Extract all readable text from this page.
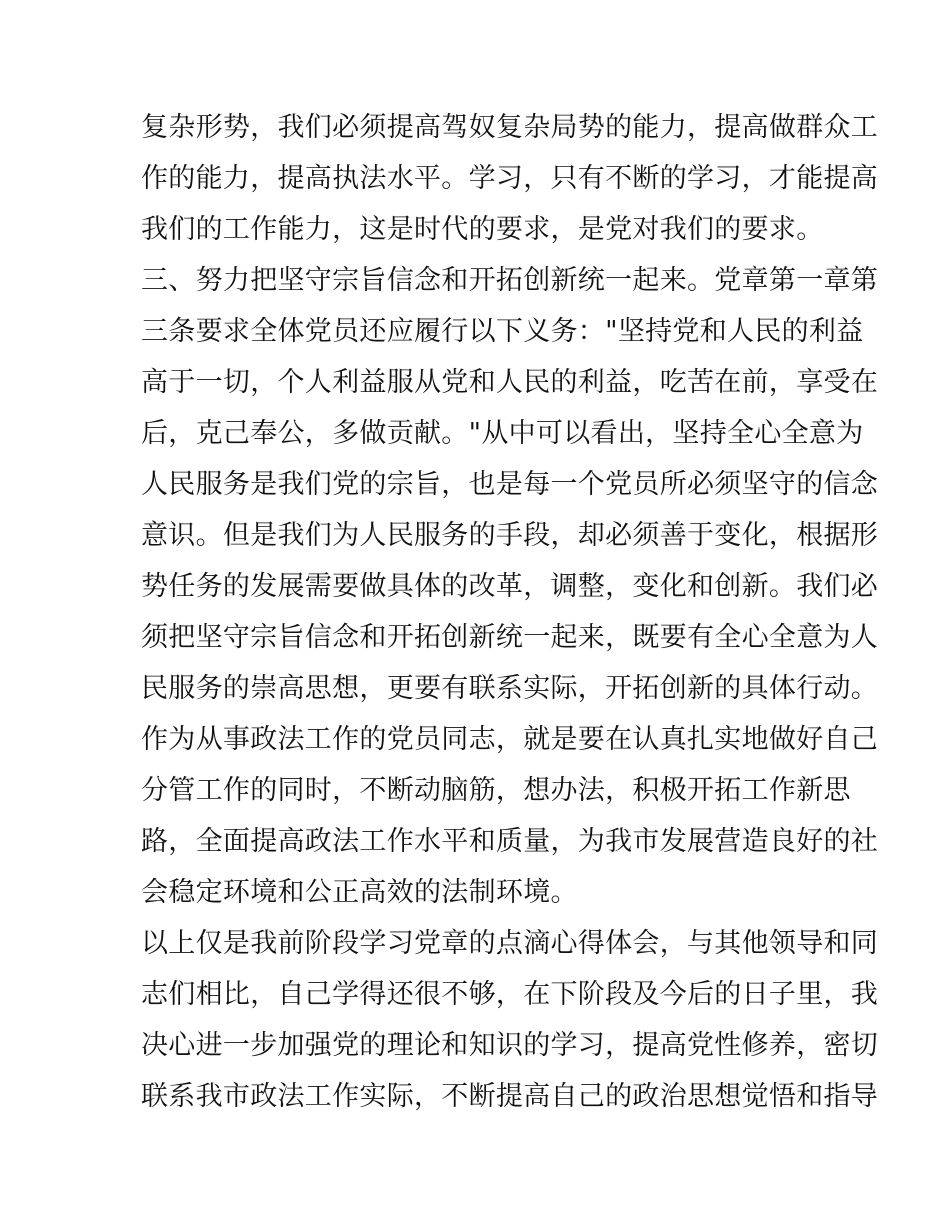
复杂形势，我们必须提高驾奴复杂局势的能力，提高做群众工
作的能力，提高执法水平。学习，只有不断的学习，才能提高
我们的工作能力，这是时代的要求，是党对我们的要求。
三、努力把坚守宗旨信念和开拓创新统一起来。党章第一章第
三条要求全体党员还应履行以下义务："坚持党和人民的利益
高于一切，个人利益服从党和人民的利益，吃苦在前，享受在
后，克己奉公，多做贡献。"从中可以看出，坚持全心全意为
人民服务是我们党的宗旨，也是每一个党员所必须坚守的信念
意识。但是我们为人民服务的手段，却必须善于变化，根据形
势任务的发展需要做具体的改革，调整，变化和创新。我们必
须把坚守宗旨信念和开拓创新统一起来，既要有全心全意为人
民服务的崇高思想，更要有联系实际，开拓创新的具体行动。
作为从事政法工作的党员同志，就是要在认真扎实地做好自己
分管工作的同时，不断动脑筋，想办法，积极开拓工作新思
路，全面提高政法工作水平和质量，为我市发展营造良好的社
会稳定环境和公正高效的法制环境。
以上仅是我前阶段学习党章的点滴心得体会，与其他领导和同
志们相比，自己学得还很不够，在下阶段及今后的日子里，我
决心进一步加强党的理论和知识的学习，提高党性修养，密切
联系我市政法工作实际，不断提高自己的政治思想觉悟和指导
